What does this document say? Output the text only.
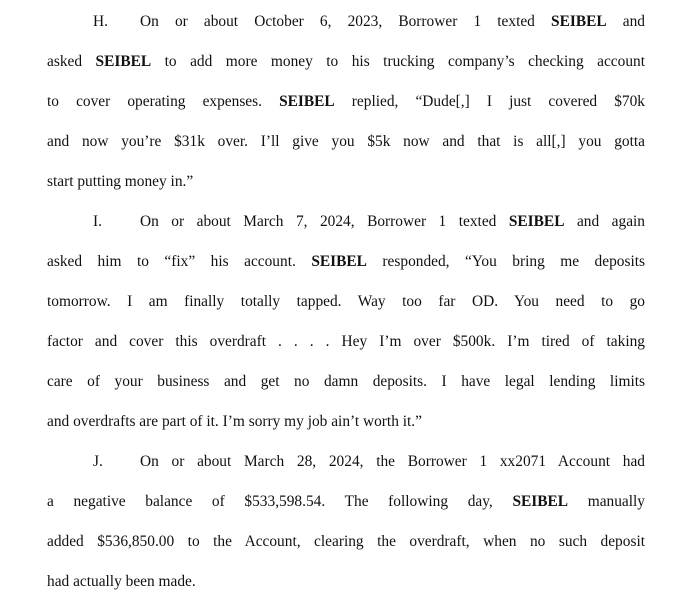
H. On or about October 6, 2023, Borrower 1 texted SEIBEL and
asked SEIBEL to add more money to his trucking company’s checking account
to cover operating expenses. SEIBEL replied, “Dude[,] I just covered $70k
and now you’re $31k over. I’ll give you $5k now and that is all[,] you gotta
start putting money in.”
I. On or about March 7, 2024, Borrower 1 texted SEIBEL and again
asked him to “fix” his account. SEIBEL responded, “You bring me deposits
tomorrow. I am finally totally tapped. Way too far OD. You need to go
factor and cover this overdraft . . . . Hey I’m over $500k. I’m tired of taking
care of your business and get no damn deposits. I have legal lending limits
and overdrafts are part of it. I’m sorry my job ain’t worth it.”
J. On or about March 28, 2024, the Borrower 1 xx2071 Account had
a negative balance of $533,598.54. The following day, SEIBEL manually
added $536,850.00 to the Account, clearing the overdraft, when no such deposit
had actually been made.
